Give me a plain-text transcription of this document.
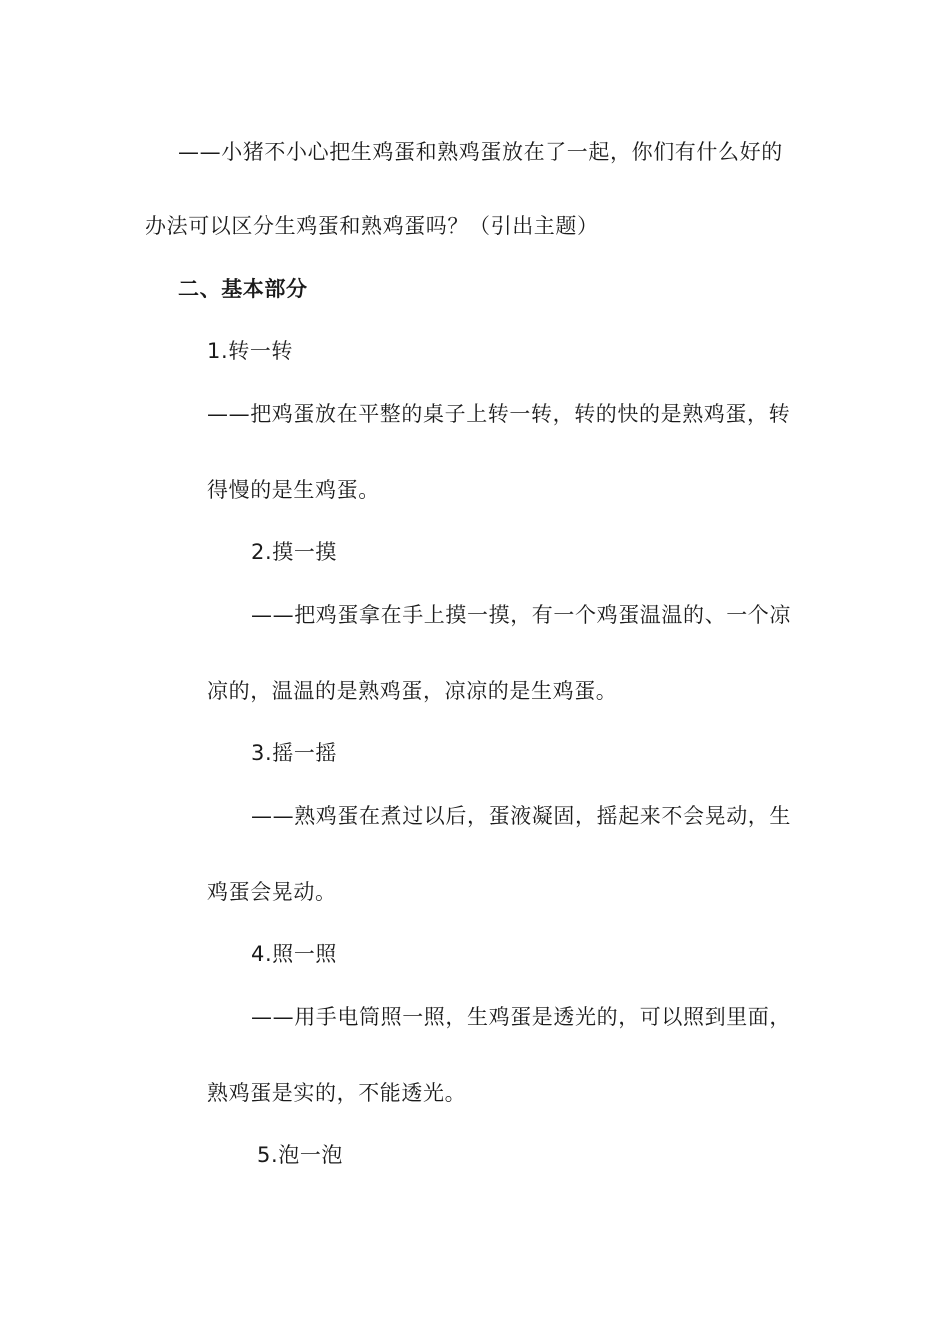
——小猪不小心把生鸡蛋和熟鸡蛋放在了一起，你们有什么好的
办法可以区分生鸡蛋和熟鸡蛋吗？（引出主题）
二、基本部分
1.转一转
——把鸡蛋放在平整的桌子上转一转，转的快的是熟鸡蛋，转
得慢的是生鸡蛋。
2.摸一摸
——把鸡蛋拿在手上摸一摸，有一个鸡蛋温温的、一个凉
凉的，温温的是熟鸡蛋，凉凉的是生鸡蛋。
3.摇一摇
——熟鸡蛋在煮过以后，蛋液凝固，摇起来不会晃动，生
鸡蛋会晃动。
4.照一照
——用手电筒照一照，生鸡蛋是透光的，可以照到里面，
熟鸡蛋是实的，不能透光。
5.泡一泡
